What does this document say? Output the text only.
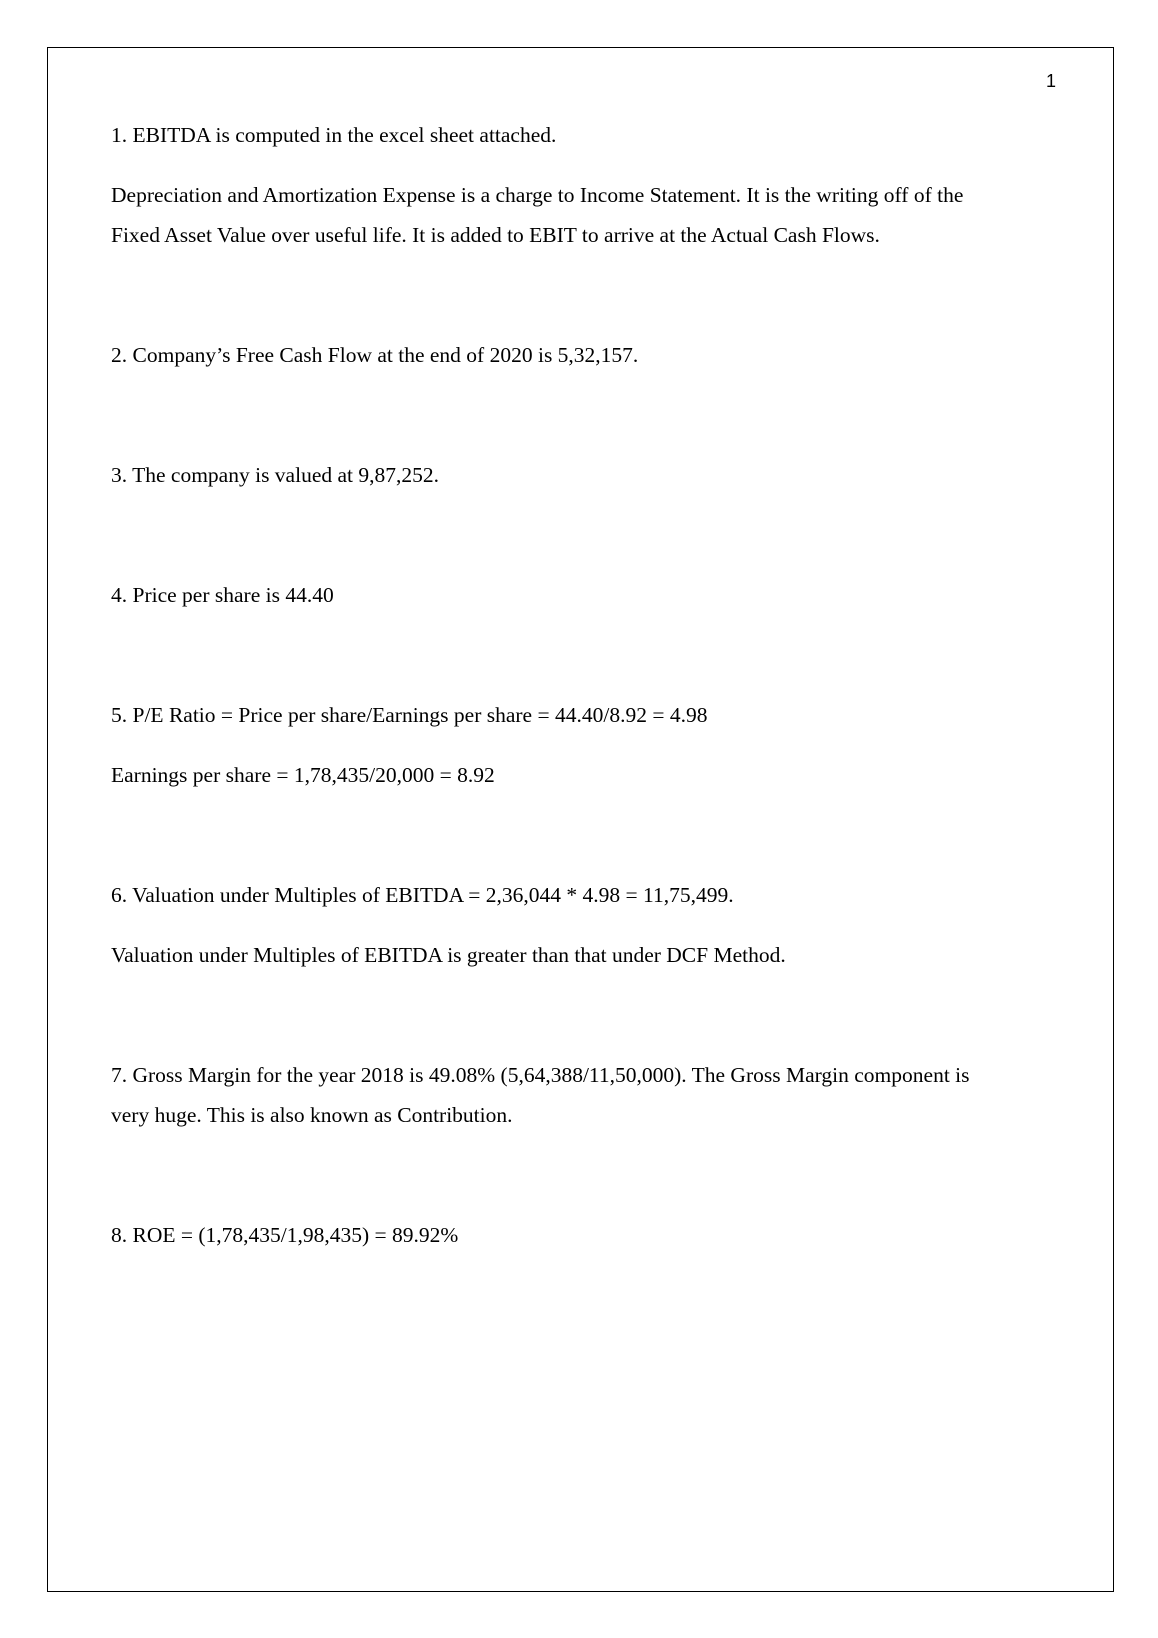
1
1. EBITDA is computed in the excel sheet attached.
Depreciation and Amortization Expense is a charge to Income Statement. It is the writing off of the
Fixed Asset Value over useful life. It is added to EBIT to arrive at the Actual Cash Flows.
2. Company’s Free Cash Flow at the end of 2020 is 5,32,157.
3. The company is valued at 9,87,252.
4. Price per share is 44.40
5. P/E Ratio = Price per share/Earnings per share = 44.40/8.92 = 4.98
Earnings per share = 1,78,435/20,000 = 8.92
6. Valuation under Multiples of EBITDA = 2,36,044 * 4.98 = 11,75,499.
Valuation under Multiples of EBITDA is greater than that under DCF Method.
7. Gross Margin for the year 2018 is 49.08% (5,64,388/11,50,000). The Gross Margin component is
very huge. This is also known as Contribution.
8. ROE = (1,78,435/1,98,435) = 89.92%
